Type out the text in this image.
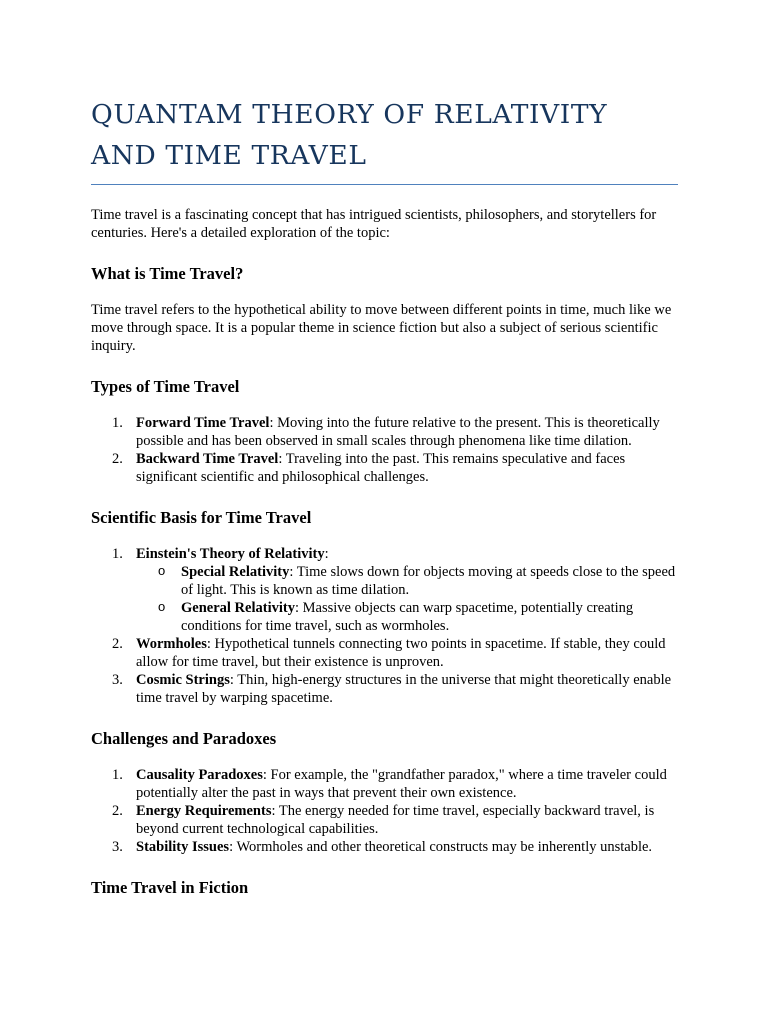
QUANTAM THEORY OF RELATIVITY AND TIME TRAVEL

Time travel is a fascinating concept that has intrigued scientists, philosophers, and storytellers for centuries. Here's a detailed exploration of the topic:

What is Time Travel?

Time travel refers to the hypothetical ability to move between different points in time, much like we move through space. It is a popular theme in science fiction but also a subject of serious scientific inquiry.

Types of Time Travel
1. Forward Time Travel: Moving into the future relative to the present. This is theoretically possible and has been observed in small scales through phenomena like time dilation.
2. Backward Time Travel: Traveling into the past. This remains speculative and faces significant scientific and philosophical challenges.
Scientific Basis for Time Travel
1. Einstein's Theory of Relativity:
o Special Relativity: Time slows down for objects moving at speeds close to the speed of light. This is known as time dilation.
o General Relativity: Massive objects can warp spacetime, potentially creating conditions for time travel, such as wormholes.
2. Wormholes: Hypothetical tunnels connecting two points in spacetime. If stable, they could allow for time travel, but their existence is unproven.
3. Cosmic Strings: Thin, high-energy structures in the universe that might theoretically enable time travel by warping spacetime.
Challenges and Paradoxes
1. Causality Paradoxes: For example, the "grandfather paradox," where a time traveler could potentially alter the past in ways that prevent their own existence.
2. Energy Requirements: The energy needed for time travel, especially backward travel, is beyond current technological capabilities.
3. Stability Issues: Wormholes and other theoretical constructs may be inherently unstable.
Time Travel in Fiction
